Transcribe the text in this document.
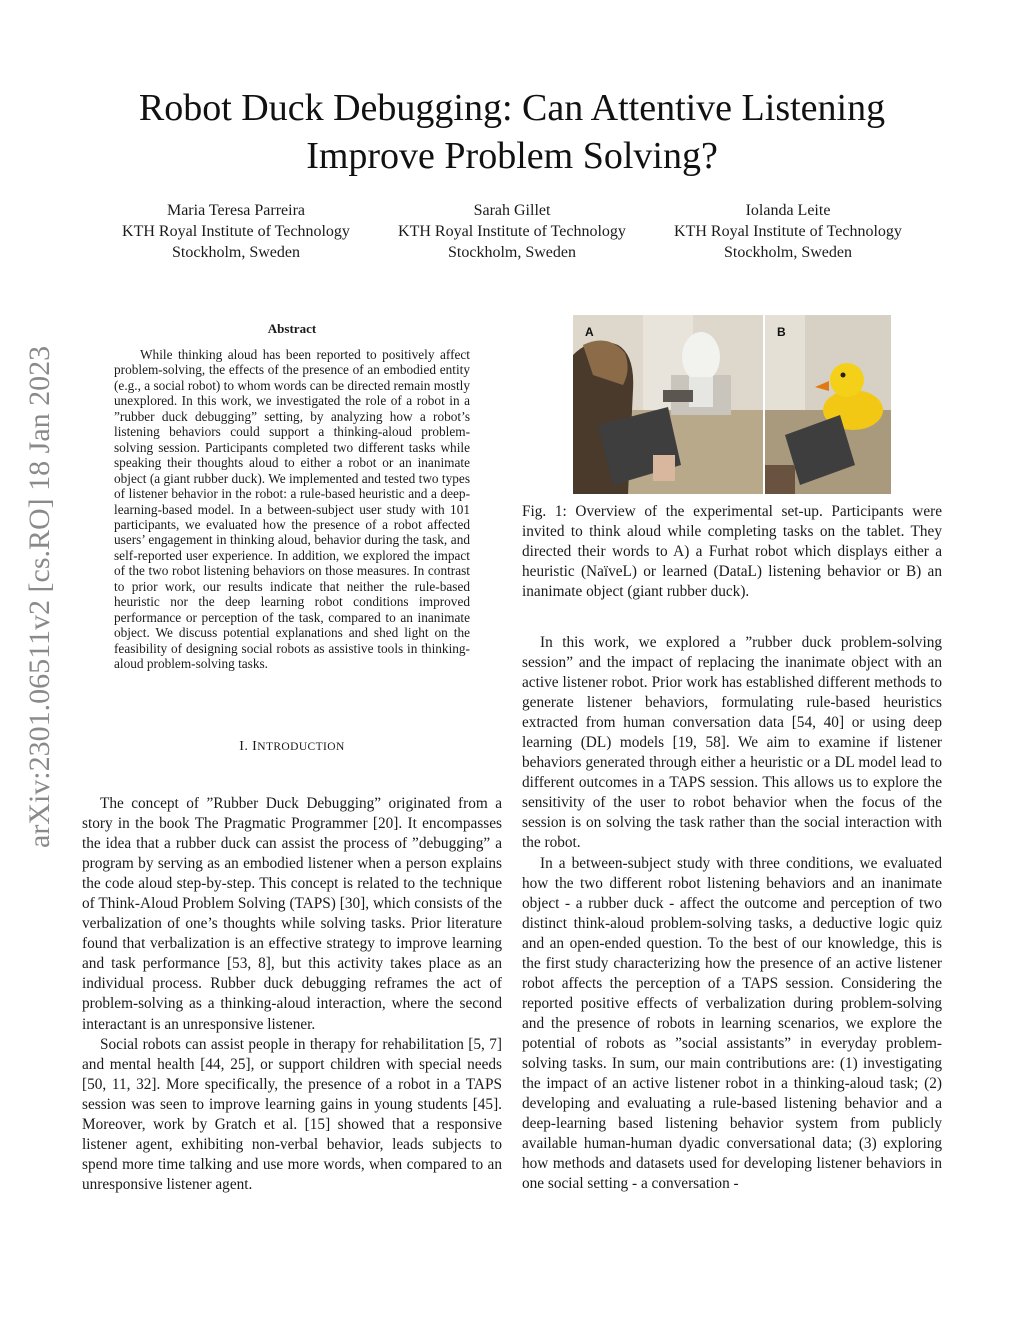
arXiv:2301.06511v2 [cs.RO] 18 Jan 2023
Robot Duck Debugging: Can Attentive Listening
Improve Problem Solving?
Maria Teresa Parreira
KTH Royal Institute of Technology
Stockholm, Sweden
Sarah Gillet
KTH Royal Institute of Technology
Stockholm, Sweden
Iolanda Leite
KTH Royal Institute of Technology
Stockholm, Sweden
Abstract

While thinking aloud has been reported to positively affect problem-solving, the effects of the presence of an embodied entity (e.g., a social robot) to whom words can be directed remain mostly unexplored. In this work, we investigated the role of a robot in a ”rubber duck debugging” setting, by analyzing how a robot’s listening behaviors could support a thinking-aloud problem-solving session. Participants completed two different tasks while speaking their thoughts aloud to either a robot or an inanimate object (a giant rubber duck). We implemented and tested two types of listener behavior in the robot: a rule-based heuristic and a deep-learning-based model. In a between-subject user study with 101 participants, we evaluated how the presence of a robot affected users’ engagement in thinking aloud, behavior during the task, and self-reported user experience. In addition, we explored the impact of the two robot listening behaviors on those measures. In contrast to prior work, our results indicate that neither the rule-based heuristic nor the deep learning robot conditions improved performance or perception of the task, compared to an inanimate object. We discuss potential explanations and shed light on the feasibility of designing social robots as assistive tools in thinking-aloud problem-solving tasks.

I. INTRODUCTION

The concept of ”Rubber Duck Debugging” originated from a story in the book The Pragmatic Programmer [20]. It encompasses the idea that a rubber duck can assist the process of ”debugging” a program by serving as an embodied listener when a person explains the code aloud step-by-step. This concept is related to the technique of Think-Aloud Problem Solving (TAPS) [30], which consists of the verbalization of one’s thoughts while solving tasks. Prior literature found that verbalization is an effective strategy to improve learning and task performance [53, 8], but this activity takes place as an individual process. Rubber duck debugging reframes the act of problem-solving as a thinking-aloud interaction, where the second interactant is an unresponsive listener.

Social robots can assist people in therapy for rehabilitation [5, 7] and mental health [44, 25], or support children with special needs [50, 11, 32]. More specifically, the presence of a robot in a TAPS session was seen to improve learning gains in young students [45]. Moreover, work by Gratch et al. [15] showed that a responsive listener agent, exhibiting non-verbal behavior, leads subjects to spend more time talking and use more words, when compared to an unresponsive listener agent.

A	B

Fig. 1: Overview of the experimental set-up. Participants were invited to think aloud while completing tasks on the tablet. They directed their words to A) a Furhat robot which displays either a heuristic (NaïveL) or learned (DataL) listening behavior or B) an inanimate object (giant rubber duck).

In this work, we explored a ”rubber duck problem-solving session” and the impact of replacing the inanimate object with an active listener robot. Prior work has established different methods to generate listener behaviors, formulating rule-based heuristics extracted from human conversation data [54, 40] or using deep learning (DL) models [19, 58]. We aim to examine if listener behaviors generated through either a heuristic or a DL model lead to different outcomes in a TAPS session. This allows us to explore the sensitivity of the user to robot behavior when the focus of the session is on solving the task rather than the social interaction with the robot.

In a between-subject study with three conditions, we evaluated how the two different robot listening behaviors and an inanimate object - a rubber duck - affect the outcome and perception of two distinct think-aloud problem-solving tasks, a deductive logic quiz and an open-ended question. To the best of our knowledge, this is the first study characterizing how the presence of an active listener robot affects the perception of a TAPS session. Considering the reported positive effects of verbalization during problem-solving and the presence of robots in learning scenarios, we explore the potential of robots as ”social assistants” in everyday problem-solving tasks. In sum, our main contributions are: (1) investigating the impact of an active listener robot in a thinking-aloud task; (2) developing and evaluating a rule-based listening behavior and a deep-learning based listening behavior system from publicly available human-human dyadic conversational data; (3) exploring how methods and datasets used for developing listener behaviors in one social setting - a conversation -
